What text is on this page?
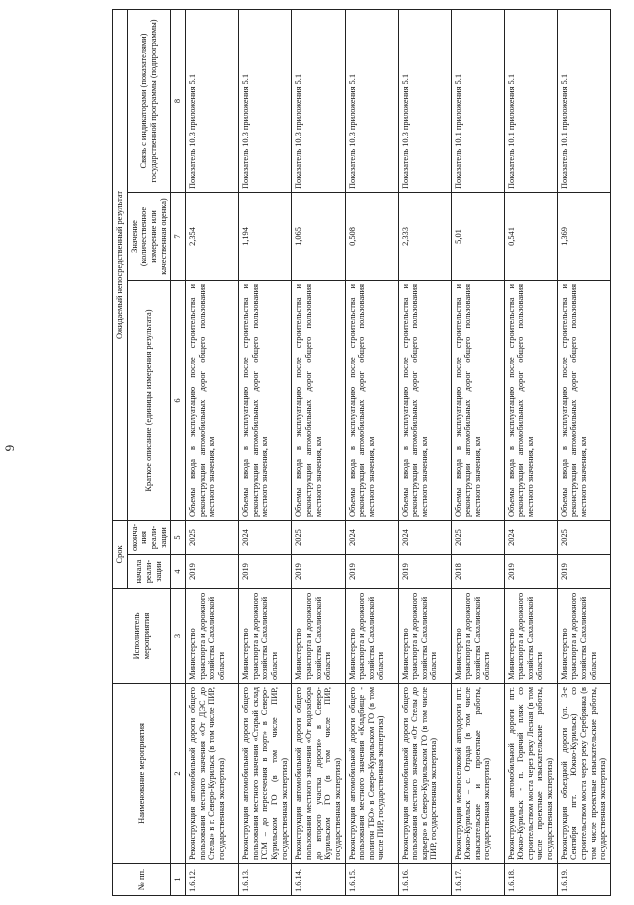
6
№ пп.	Наименование мероприятия	Исполнитель мероприятия	Срок		Ожидаемый непосредственный результат		
			начала реали- зации	оконча- ния реали- зации	Краткое описание (единицы измерения результата)	Значение (количественное измерение или качественная оценка)	Связь с индикаторами (показателями) государственной программы (подпрограммы)
1	2	3	4	5	6	7	8
1.6.12.	Реконструкция автомобильной дороги общего пользования местного значения «От ДЭС до Стелы» в г. Северо-Курильск (в том числе ПИР, государственная экспертиза)	Министерство транспорта и дорожного хозяйства Сахалинской области	2019	2025	Объемы ввода в эксплуатацию после строительства и реконструкции автомобильных дорог общего пользования местного значения, км	2,354	Показатель 10.3 приложения 5.1
1.6.13.	Реконструкция автомобильной дороги общего пользования местного значения «Старый склад ГСМ – до пересечения в порт» в Северо-Курильском ГО (в том числе ПИР, государственная экспертиза)	Министерство транспорта и дорожного хозяйства Сахалинской области	2019	2024	Объемы ввода в эксплуатацию после строительства и реконструкции автомобильных дорог общего пользования местного значения, км	1,194	Показатель 10.3 приложения 5.1
1.6.14.	Реконструкция автомобильной дороги общего пользования местного значения «От водозабора до второго участка дороги» в Северо-Курильском ГО (в том числе ПИР, государственная экспертиза)	Министерство транспорта и дорожного хозяйства Сахалинской области	2019	2025	Объемы ввода в эксплуатацию после строительства и реконструкции автомобильных дорог общего пользования местного значения, км	1,065	Показатель 10.3 приложения 5.1
1.6.15.	Реконструкция автомобильной дороги общего пользования местного значения «Кладбище - полигон ТБО» в Северо-Курильском ГО (в том числе ПИР, государственная экспертиза)	Министерство транспорта и дорожного хозяйства Сахалинской области	2019	2024	Объемы ввода в эксплуатацию после строительства и реконструкции автомобильных дорог общего пользования местного значения, км	0,508	Показатель 10.3 приложения 5.1
1.6.16.	Реконструкция автомобильной дороги общего пользования местного значения «От Стелы до карьера» в Северо-Курильском ГО (в том числе ПИР, государственная экспертиза)	Министерство транспорта и дорожного хозяйства Сахалинской области	2019	2024	Объемы ввода в эксплуатацию после строительства и реконструкции автомобильных дорог общего пользования местного значения, км	2,333	Показатель 10.3 приложения 5.1
1.6.17.	Реконструкция межпоселковой автодороги пгт. Южно-Курильск – с. Отрада (в том числе изыскательские и проектные работы, государственная экспертиза)	Министерство транспорта и дорожного хозяйства Сахалинской области	2018	2025	Объемы ввода в эксплуатацию после строительства и реконструкции автомобильных дорог общего пользования местного значения, км	5,01	Показатель 10.1 приложения 5.1
1.6.18.	Реконструкция автомобильной дороги пгт. Южно-Курильск - п. Горячий пляж со строительством моста через реку Лесная (в том числе проектные изыскательские работы, государственная экспертиза)	Министерство транспорта и дорожного хозяйства Сахалинской области	2019	2024	Объемы ввода в эксплуатацию после строительства и реконструкции автомобильных дорог общего пользования местного значения, км	0,541	Показатель 10.1 приложения 5.1
1.6.19.	Реконструкция объездной дороги (ул. 3-е Сентября пгт. Южно-Курильск) со строительством моста через реку Серебрянка (в том числе проектные изыскательские работы, государственная экспертиза)	Министерство транспорта и дорожного хозяйства Сахалинской области	2019	2025	Объемы ввода в эксплуатацию после строительства и реконструкции автомобильных дорог общего пользования местного значения, км	1,369	Показатель 10.1 приложения 5.1
